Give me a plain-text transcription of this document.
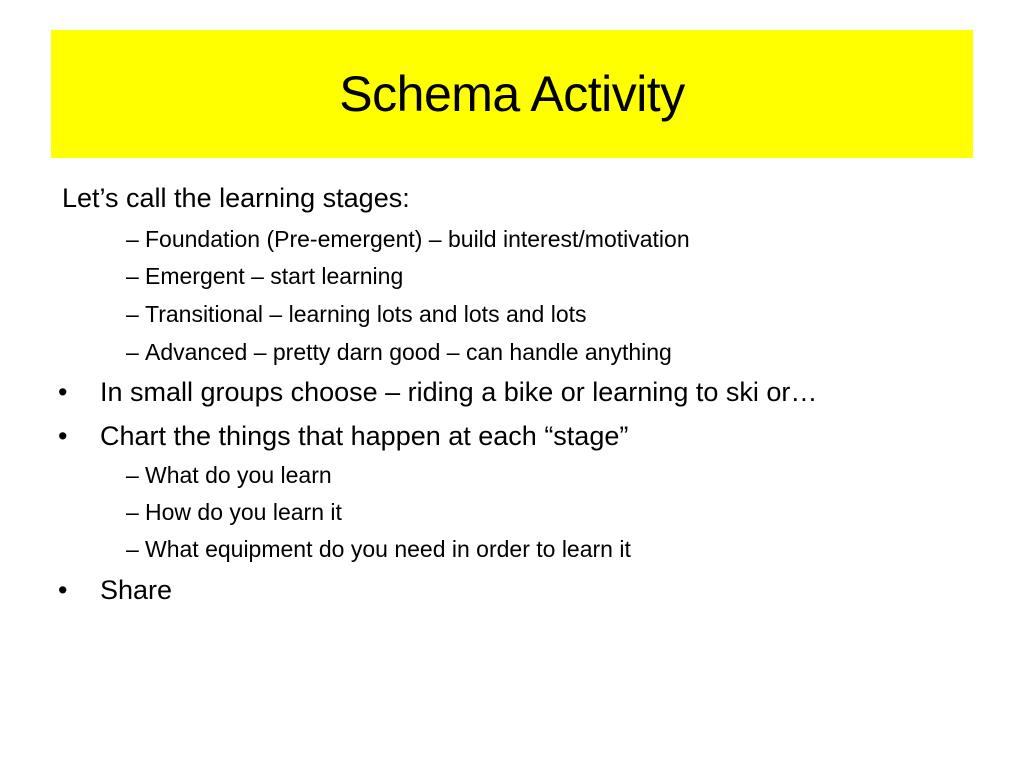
Schema Activity
Let’s call the learning stages:
– Foundation (Pre-emergent) – build interest/motivation
– Emergent – start learning
– Transitional – learning lots and lots and lots
– Advanced – pretty darn good – can handle anything
•	In small groups choose – riding a bike or learning to ski or…
•	Chart the things that happen at each “stage”
– What do you learn
– How do you learn it
– What equipment do you need in order to learn it
•	Share
